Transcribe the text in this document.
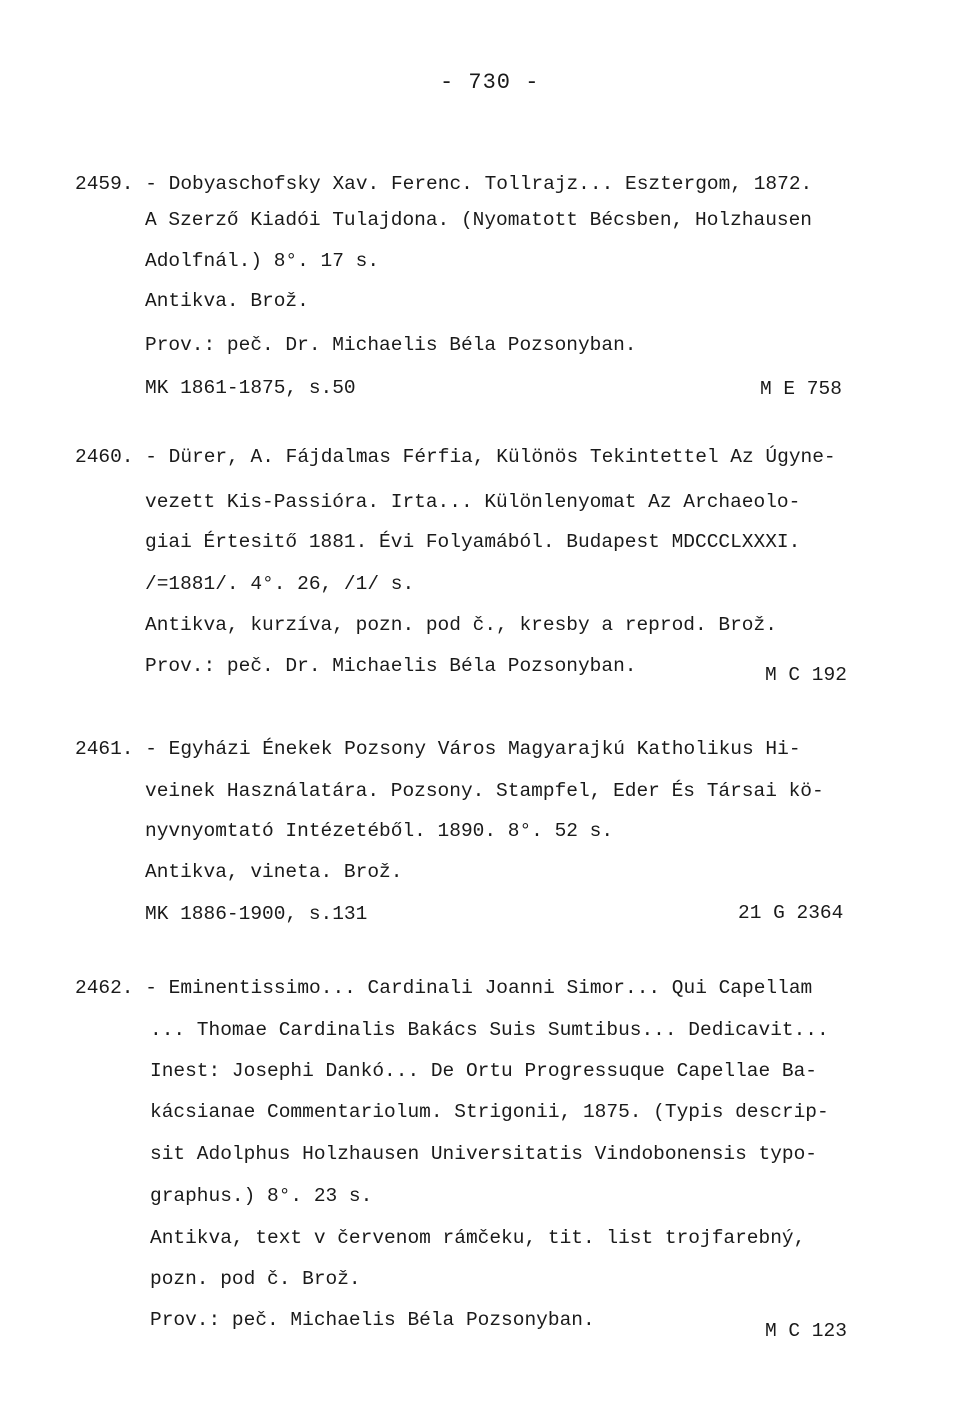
- 730 -
2459. - Dobyaschofsky Xav. Ferenc. Tollrajz... Esztergom, 1872.
A Szerző Kiadói Tulajdona. (Nyomatott Bécsben, Holzhausen
Adolfnál.) 8°. 17 s.
Antikva. Brož.
Prov.: peč. Dr. Michaelis Béla Pozsonyban.
MK 1861-1875, s.50	M E 758
2460. - Dürer, A. Fájdalmas Férfia, Különös Tekintettel Az Úgyne-
vezett Kis-Passióra. Irta... Különlenyomat Az Archaeolo-
giai Értesitő 1881. Évi Folyamából. Budapest MDCCCLXXXI.
/=1881/. 4°. 26, /1/ s.
Antikva, kurzíva, pozn. pod č., kresby a reprod. Brož.
Prov.: peč. Dr. Michaelis Béla Pozsonyban.	M C 192
2461. - Egyházi Énekek Pozsony Város Magyarajkú Katholikus Hi-
veinek Használatára. Pozsony. Stampfel, Eder És Társai kö-
nyvnyomtató Intézetéből. 1890. 8°. 52 s.
Antikva, vineta. Brož.
MK 1886-1900, s.131	21 G 2364
2462. - Eminentissimo... Cardinali Joanni Simor... Qui Capellam
... Thomae Cardinalis Bakács Suis Sumtibus... Dedicavit...
Inest: Josephi Dankó... De Ortu Progressuque Capellae Ba-
kácsianae Commentariolum. Strigonii, 1875. (Typis descrip-
sit Adolphus Holzhausen Universitatis Vindobonensis typo-
graphus.) 8°. 23 s.
Antikva, text v červenom rámčeku, tit. list trojfarebný,
pozn. pod č. Brož.
Prov.: peč. Michaelis Béla Pozsonyban.	M C 123
